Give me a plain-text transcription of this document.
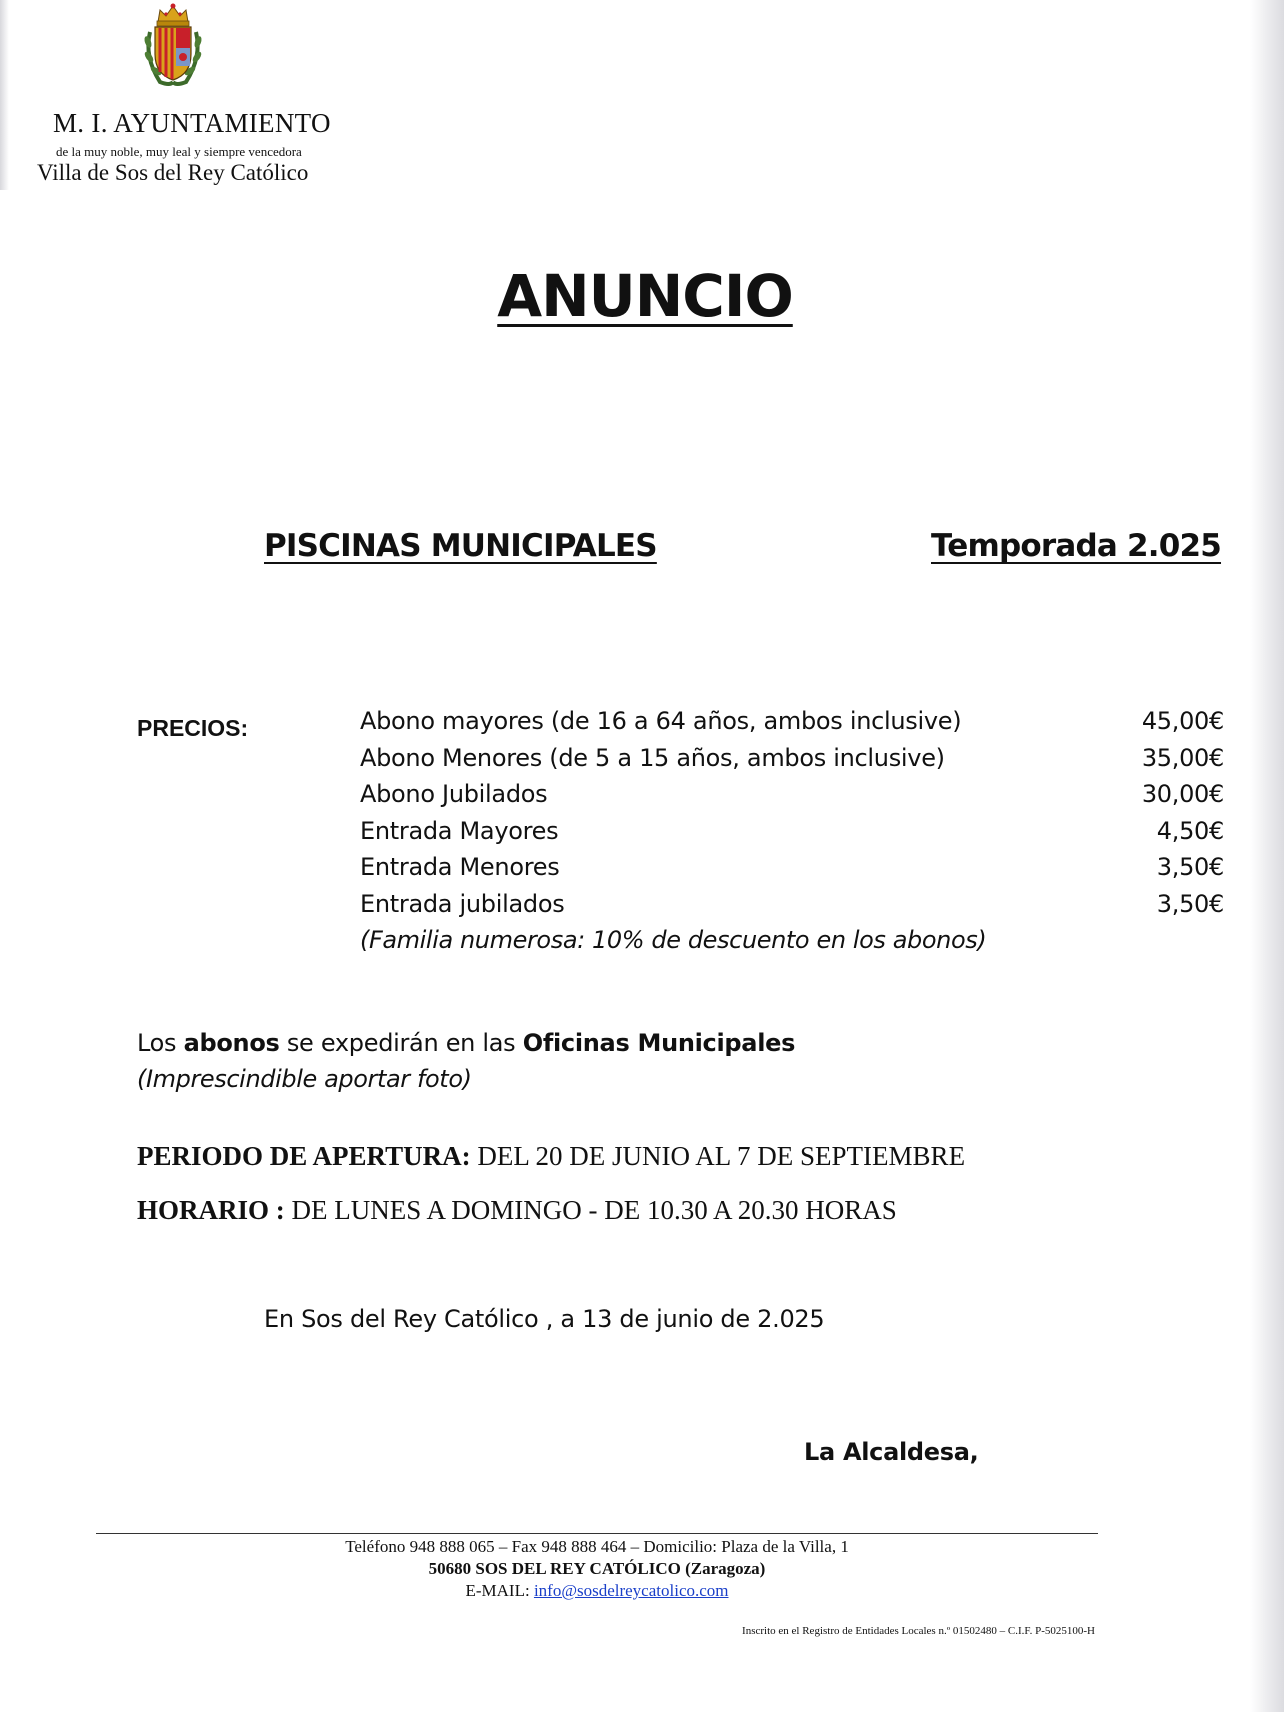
M. I. AYUNTAMIENTO
de la muy noble, muy leal y siempre vencedora
Villa de Sos del Rey Católico
ANUNCIO
PISCINAS MUNICIPALES	Temporada 2.025
PRECIOS:	Abono mayores (de 16 a 64 años, ambos inclusive)	45,00€
Abono Menores (de 5 a 15 años, ambos inclusive)	35,00€
Abono Jubilados	30,00€
Entrada Mayores	4,50€
Entrada Menores	3,50€
Entrada jubilados	3,50€
(Familia numerosa: 10% de descuento en los abonos)
Los abonos se expedirán en las Oficinas Municipales
(Imprescindible aportar foto)
PERIODO DE APERTURA: DEL 20 DE JUNIO AL 7 DE SEPTIEMBRE
HORARIO : DE LUNES A DOMINGO - DE 10.30 A 20.30 HORAS
En Sos del Rey Católico , a 13 de junio de 2.025
La Alcaldesa,
Teléfono 948 888 065 – Fax 948 888 464 – Domicilio: Plaza de la Villa, 1
50680 SOS DEL REY CATÓLICO (Zaragoza)
E-MAIL: info@sosdelreycatolico.com
Inscrito en el Registro de Entidades Locales n.º 01502480 – C.I.F. P-5025100-H
